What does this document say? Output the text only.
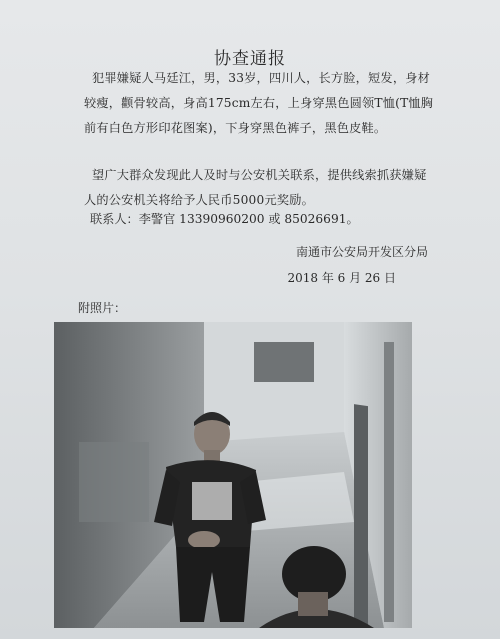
协查通报
犯罪嫌疑人马廷江，男，33岁，四川人，长方脸，短发，身材较瘦，颧骨较高，身高175cm左右，上身穿黑色圆领T恤(T恤胸前有白色方形印花图案)，下身穿黑色裤子，黑色皮鞋。
望广大群众发现此人及时与公安机关联系，提供线索抓获嫌疑人的公安机关将给予人民币5000元奖励。
联系人：李警官 13390960200 或 85026691。
南通市公安局开发区分局
2018 年 6 月 26 日
附照片：
